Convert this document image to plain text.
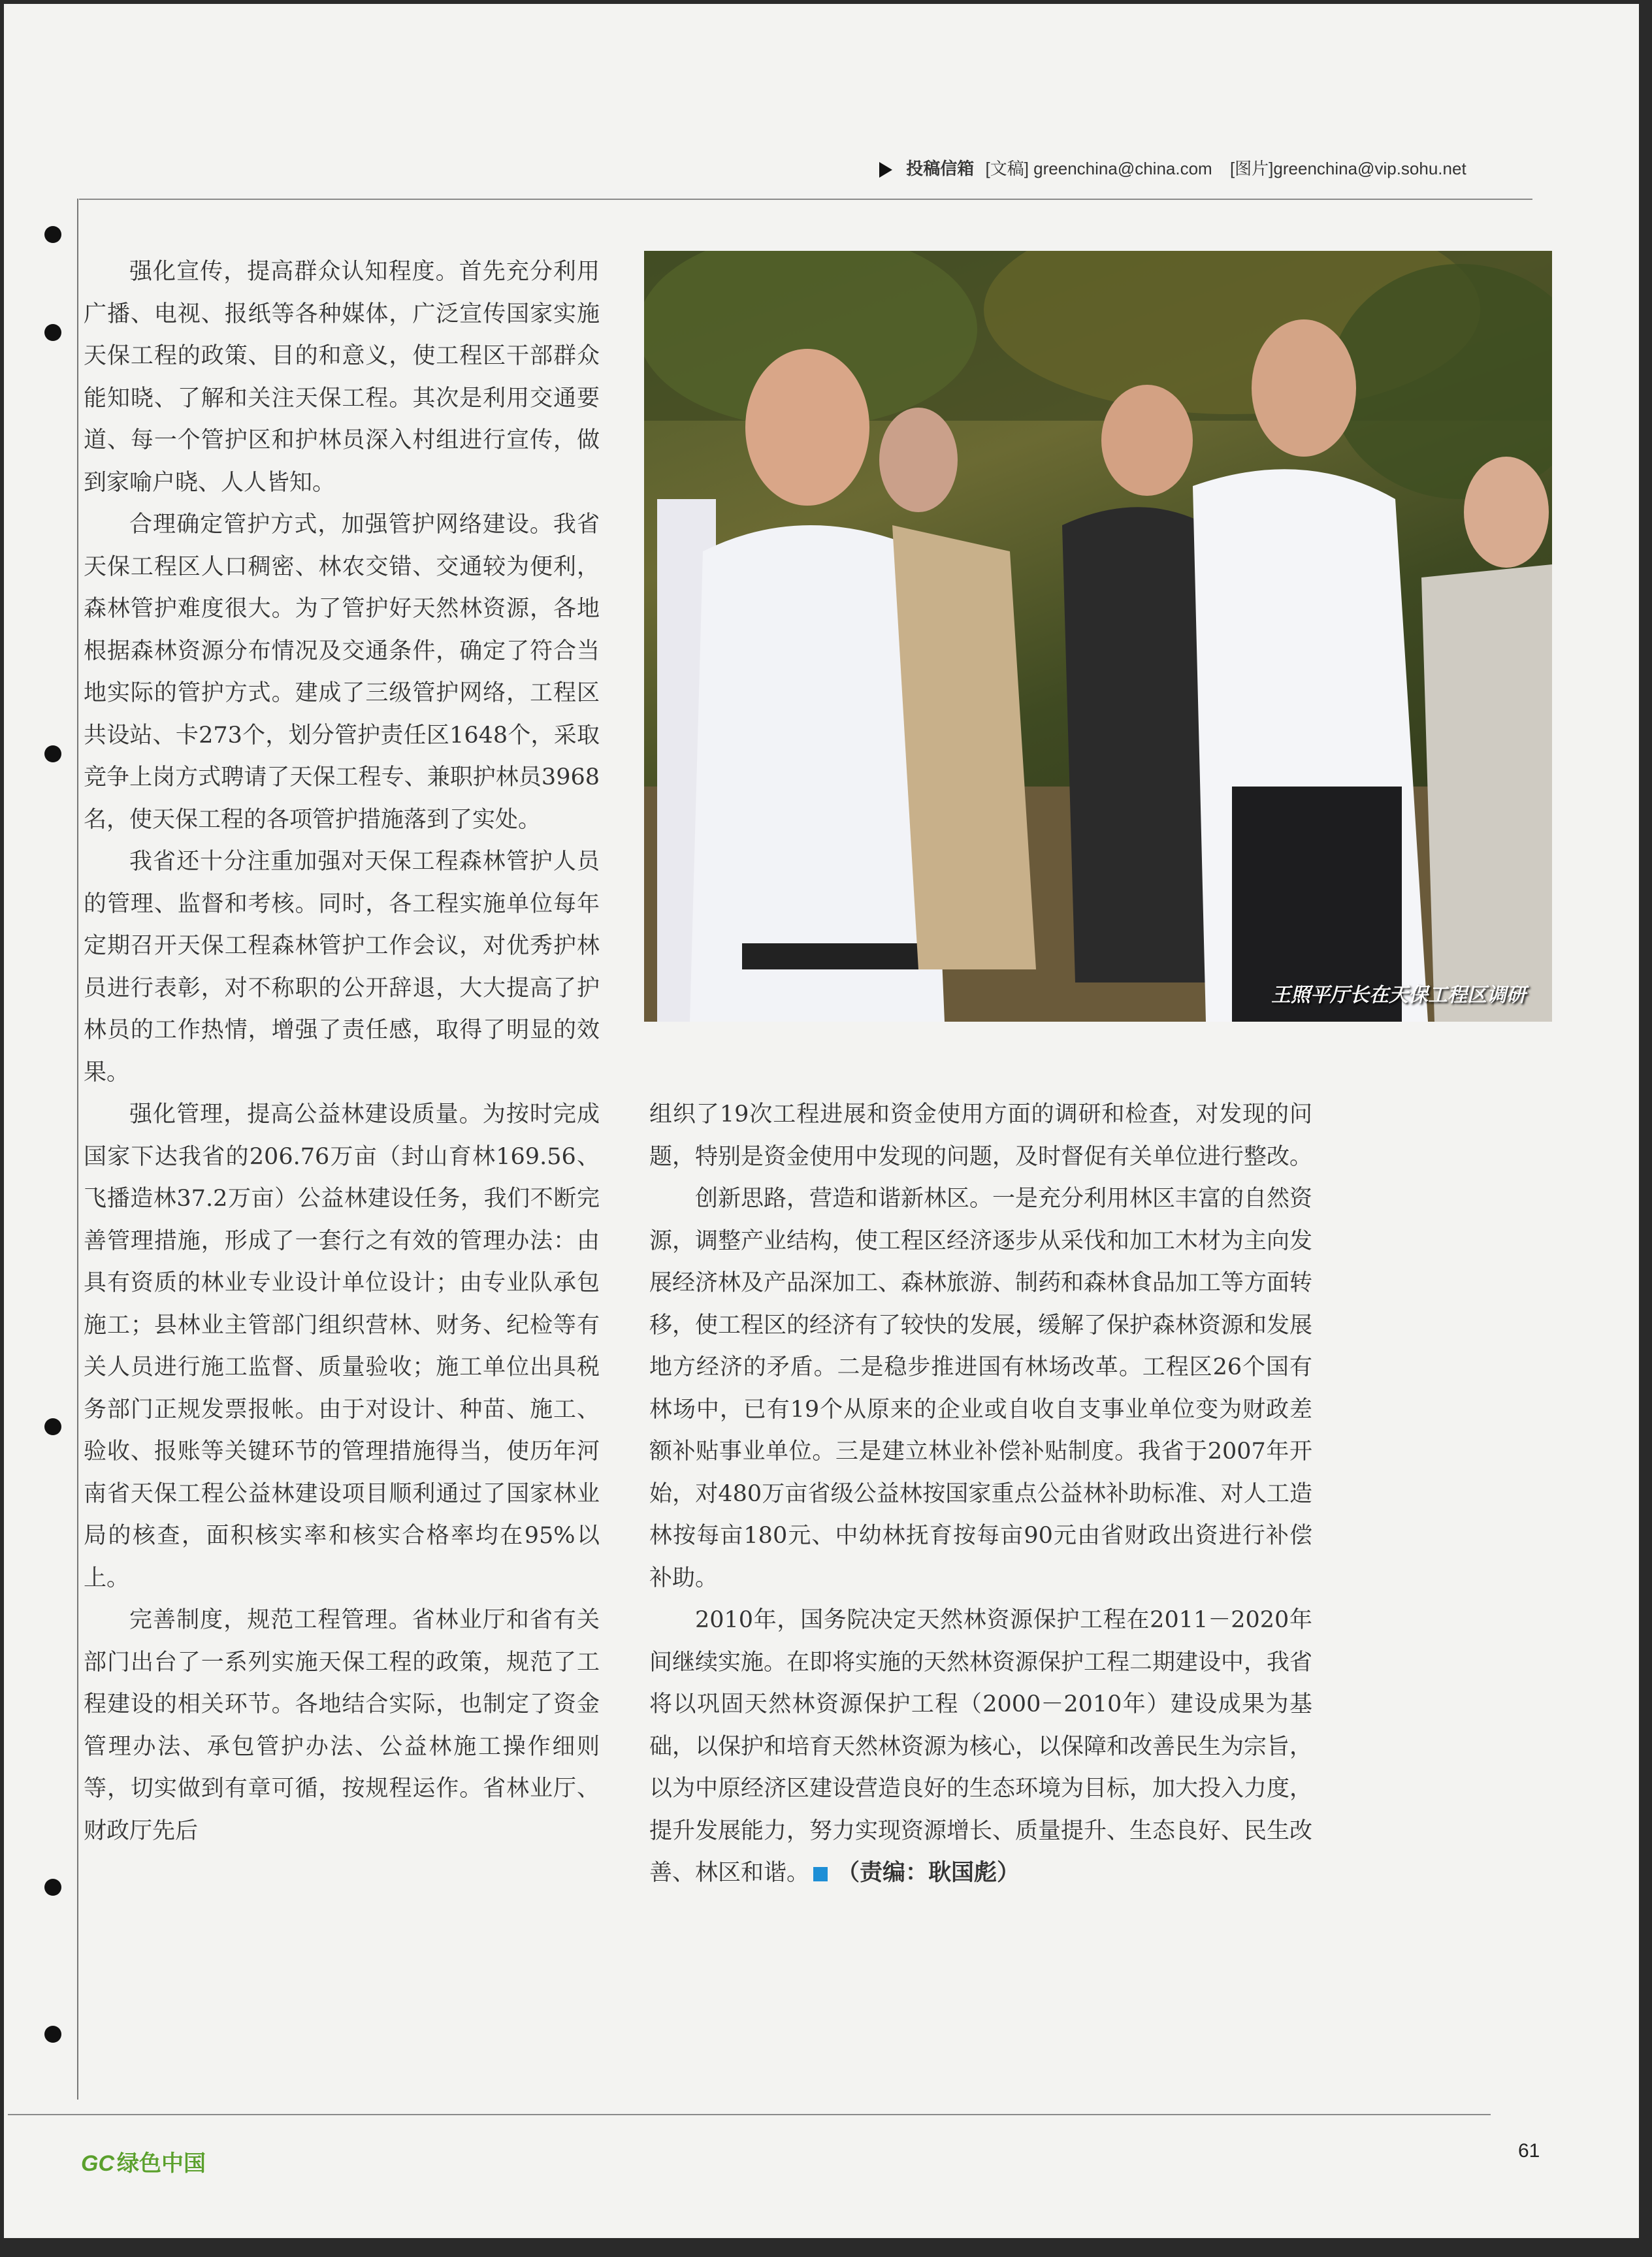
投稿信箱 [文稿] greenchina@china.com [图片]greenchina@vip.sohu.net

强化宣传，提高群众认知程度。首先充分利用广播、电视、报纸等各种媒体，广泛宣传国家实施天保工程的政策、目的和意义，使工程区干部群众能知晓、了解和关注天保工程。其次是利用交通要道、每一个管护区和护林员深入村组进行宣传，做到家喻户晓、人人皆知。

合理确定管护方式，加强管护网络建设。我省天保工程区人口稠密、林农交错、交通较为便利，森林管护难度很大。为了管护好天然林资源，各地根据森林资源分布情况及交通条件，确定了符合当地实际的管护方式。建成了三级管护网络，工程区共设站、卡273个，划分管护责任区1648个，采取竞争上岗方式聘请了天保工程专、兼职护林员3968名，使天保工程的各项管护措施落到了实处。

我省还十分注重加强对天保工程森林管护人员的管理、监督和考核。同时，各工程实施单位每年定期召开天保工程森林管护工作会议，对优秀护林员进行表彰，对不称职的公开辞退，大大提高了护林员的工作热情，增强了责任感，取得了明显的效果。

强化管理，提高公益林建设质量。为按时完成国家下达我省的206.76万亩（封山育林169.56、飞播造林37.2万亩）公益林建设任务，我们不断完善管理措施，形成了一套行之有效的管理办法：由具有资质的林业专业设计单位设计；由专业队承包施工；县林业主管部门组织营林、财务、纪检等有关人员进行施工监督、质量验收；施工单位出具税务部门正规发票报帐。由于对设计、种苗、施工、验收、报账等关键环节的管理措施得当，使历年河南省天保工程公益林建设项目顺利通过了国家林业局的核查，面积核实率和核实合格率均在95%以上。

完善制度，规范工程管理。省林业厅和省有关部门出台了一系列实施天保工程的政策，规范了工程建设的相关环节。各地结合实际，也制定了资金管理办法、承包管护办法、公益林施工操作细则等，切实做到有章可循，按规程运作。省林业厅、财政厅先后

王照平厅长在天保工程区调研
组织了19次工程进展和资金使用方面的调研和检查，对发现的问题，特别是资金使用中发现的问题，及时督促有关单位进行整改。

创新思路，营造和谐新林区。一是充分利用林区丰富的自然资源，调整产业结构，使工程区经济逐步从采伐和加工木材为主向发展经济林及产品深加工、森林旅游、制药和森林食品加工等方面转移，使工程区的经济有了较快的发展，缓解了保护森林资源和发展地方经济的矛盾。二是稳步推进国有林场改革。工程区26个国有林场中，已有19个从原来的企业或自收自支事业单位变为财政差额补贴事业单位。三是建立林业补偿补贴制度。我省于2007年开始，对480万亩省级公益林按国家重点公益林补助标准、对人工造林按每亩180元、中幼林抚育按每亩90元由省财政出资进行补偿补助。

2010年，国务院决定天然林资源保护工程在2011－2020年间继续实施。在即将实施的天然林资源保护工程二期建设中，我省将以巩固天然林资源保护工程（2000－2010年）建设成果为基础，以保护和培育天然林资源为核心，以保障和改善民生为宗旨，以为中原经济区建设营造良好的生态环境为目标，加大投入力度，提升发展能力，努力实现资源增长、质量提升、生态良好、民生改善、林区和谐。 （责编：耿国彪）

GC 绿色中国
61
